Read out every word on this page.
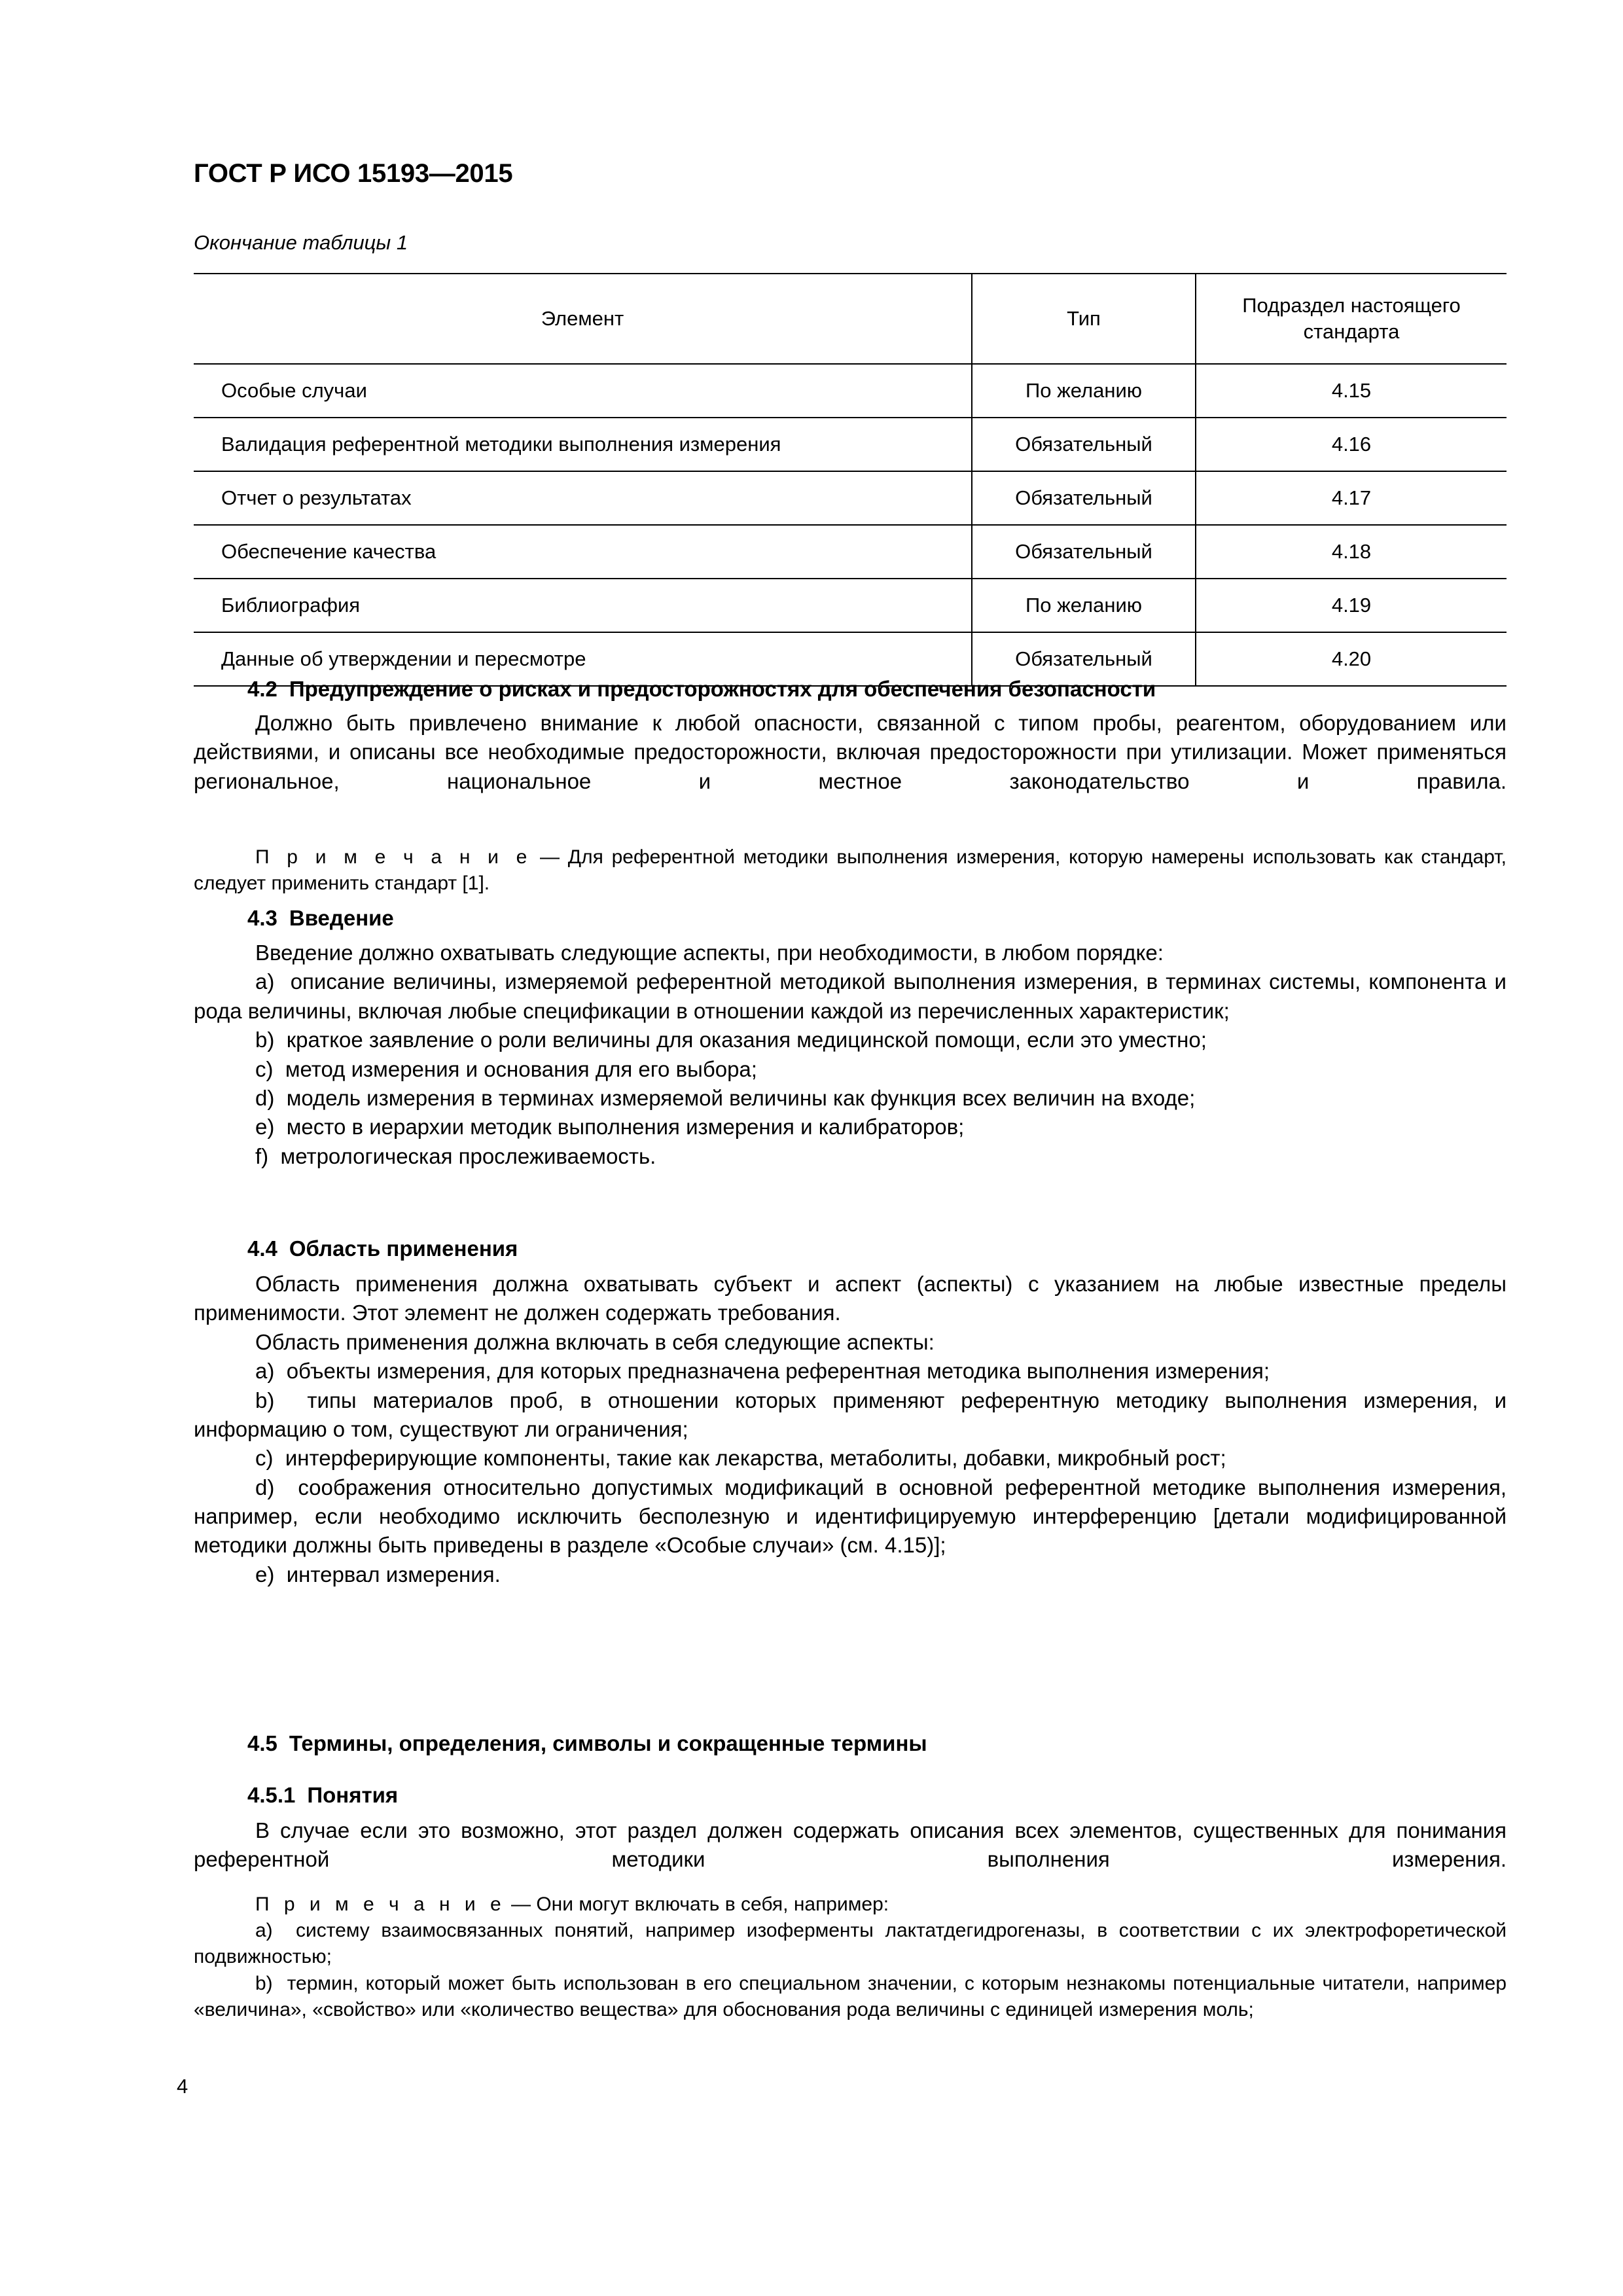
ГОСТ Р ИСО 15193—2015
Окончание таблицы 1
Элемент	Тип	Подраздел настоящего стандарта
Особые случаи	По желанию	4.15
Валидация референтной методики выполнения измерения	Обязательный	4.16
Отчет о результатах	Обязательный	4.17
Обеспечение качества	Обязательный	4.18
Библиография	По желанию	4.19
Данные об утверждении и пересмотре	Обязательный	4.20
4.2 Предупреждение о рисках и предосторожностях для обеспечения безопасности

Должно быть привлечено внимание к любой опасности, связанной с типом пробы, реагентом, оборудованием или действиями, и описаны все необходимые предосторожности, включая предосторожности при утилизации. Может применяться региональное, национальное и местное законодательство и правила.

П р и м е ч а н и е — Для референтной методики выполнения измерения, которую намерены использовать как стандарт, следует применить стандарт [1].

4.3 Введение

Введение должно охватывать следующие аспекты, при необходимости, в любом порядке:

a) описание величины, измеряемой референтной методикой выполнения измерения, в терминах системы, компонента и рода величины, включая любые спецификации в отношении каждой из перечисленных характеристик;

b) краткое заявление о роли величины для оказания медицинской помощи, если это уместно;

c) метод измерения и основания для его выбора;

d) модель измерения в терминах измеряемой величины как функция всех величин на входе;

e) место в иерархии методик выполнения измерения и калибраторов;

f) метрологическая прослеживаемость.

4.4 Область применения

Область применения должна охватывать субъект и аспект (аспекты) с указанием на любые известные пределы применимости. Этот элемент не должен содержать требования.

Область применения должна включать в себя следующие аспекты:

a) объекты измерения, для которых предназначена референтная методика выполнения измерения;

b) типы материалов проб, в отношении которых применяют референтную методику выполнения измерения, и информацию о том, существуют ли ограничения;

c) интерферирующие компоненты, такие как лекарства, метаболиты, добавки, микробный рост;

d) соображения относительно допустимых модификаций в основной референтной методике выполнения измерения, например, если необходимо исключить бесполезную и идентифицируемую интерференцию [детали модифицированной методики должны быть приведены в разделе «Особые случаи» (см. 4.15)];

e) интервал измерения.

4.5 Термины, определения, символы и сокращенные термины
4.5.1 Понятия

В случае если это возможно, этот раздел должен содержать описания всех элементов, существенных для понимания референтной методики выполнения измерения.

П р и м е ч а н и е — Они могут включать в себя, например:

a) систему взаимосвязанных понятий, например изоферменты лактатдегидрогеназы, в соответствии с их электрофоретической подвижностью;

b) термин, который может быть использован в его специальном значении, с которым незнакомы потенциальные читатели, например «величина», «свойство» или «количество вещества» для обоснования рода величины с единицей измерения моль;

4
